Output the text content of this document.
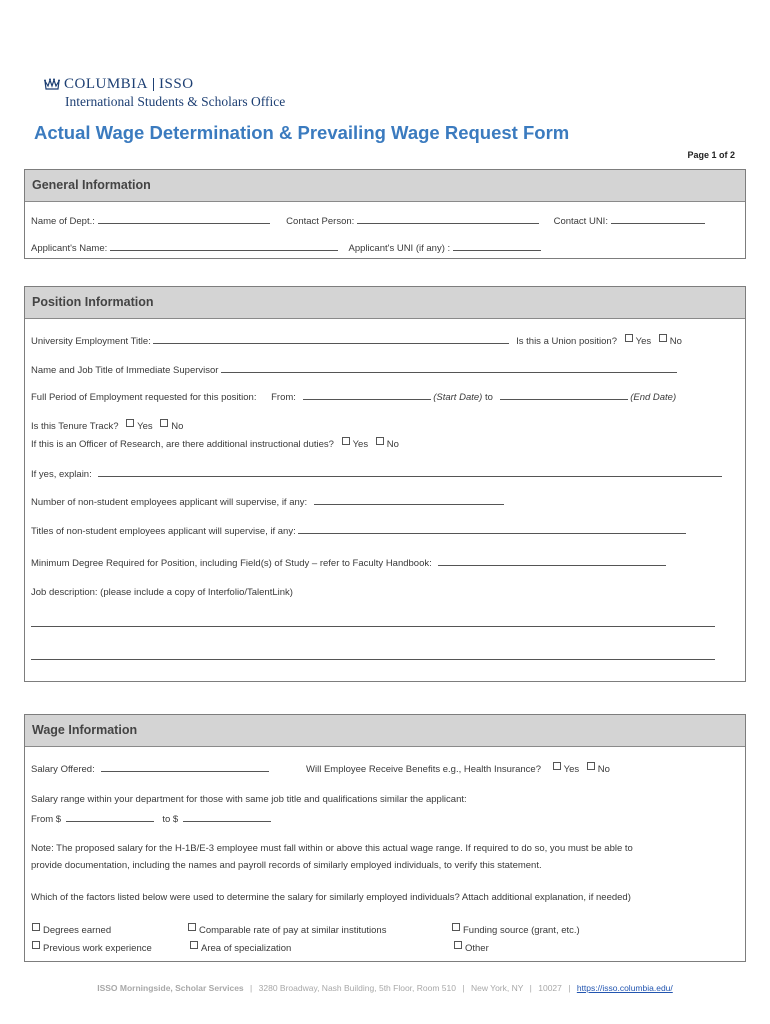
COLUMBIA ISSO
International Students & Scholars Office
Actual Wage Determination & Prevailing Wage Request Form
Page 1 of 2
General Information
Name of Dept.:	Contact Person:	Contact UNI:
Applicant's Name:	Applicant's UNI (if any) :
Position Information
University Employment Title:	Is this a Union position? Yes No
Name and Job Title of Immediate Supervisor
Full Period of Employment requested for this position: From:	(Start Date) to	(End Date)
Is this Tenure Track? Yes No
If this is an Officer of Research, are there additional instructional duties? Yes No
If yes, explain:
Number of non-student employees applicant will supervise, if any:
Titles of non-student employees applicant will supervise, if any:
Minimum Degree Required for Position, including Field(s) of Study – refer to Faculty Handbook:
Job description: (please include a copy of Interfolio/TalentLink)
Wage Information
Salary Offered:	Will Employee Receive Benefits e.g., Health Insurance? Yes No
Salary range within your department for those with same job title and qualifications similar the applicant:
From $	to $
Note: The proposed salary for the H-1B/E-3 employee must fall within or above this actual wage range. If required to do so, you must be able to
provide documentation, including the names and payroll records of similarly employed individuals, to verify this statement.
Which of the factors listed below were used to determine the salary for similarly employed individuals? Attach additional explanation, if needed)
Degrees earned	Comparable rate of pay at similar institutions	Funding source (grant, etc.)
Previous work experience	Area of specialization	Other
ISSO Morningside, Scholar Services | 3280 Broadway, Nash Building, 5th Floor, Room 510 | New York, NY | 10027 | https://isso.columbia.edu/
